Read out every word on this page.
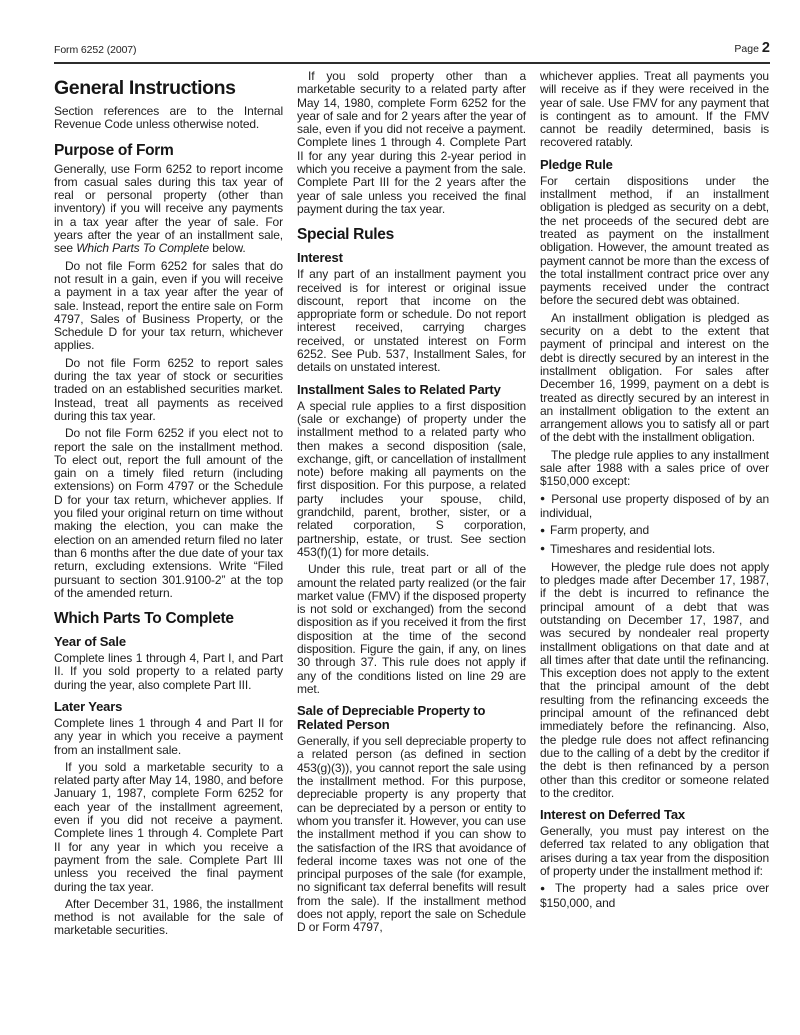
Form 6252 (2007)	Page 2
General Instructions

Section references are to the Internal Revenue Code unless otherwise noted.

Purpose of Form

Generally, use Form 6252 to report income from casual sales during this tax year of real or personal property (other than inventory) if you will receive any payments in a tax year after the year of sale. For years after the year of an installment sale, see Which Parts To Complete below.

Do not file Form 6252 for sales that do not result in a gain, even if you will receive a payment in a tax year after the year of sale. Instead, report the entire sale on Form 4797, Sales of Business Property, or the Schedule D for your tax return, whichever applies.

Do not file Form 6252 to report sales during the tax year of stock or securities traded on an established securities market. Instead, treat all payments as received during this tax year.

Do not file Form 6252 if you elect not to report the sale on the installment method. To elect out, report the full amount of the gain on a timely filed return (including extensions) on Form 4797 or the Schedule D for your tax return, whichever applies. If you filed your original return on time without making the election, you can make the election on an amended return filed no later than 6 months after the due date of your tax return, excluding extensions. Write “Filed pursuant to section 301.9100-2” at the top of the amended return.

Which Parts To Complete
Year of Sale

Complete lines 1 through 4, Part I, and Part II. If you sold property to a related party during the year, also complete Part III.

Later Years

Complete lines 1 through 4 and Part II for any year in which you receive a payment from an installment sale.

If you sold a marketable security to a related party after May 14, 1980, and before January 1, 1987, complete Form 6252 for each year of the installment agreement, even if you did not receive a payment. Complete lines 1 through 4. Complete Part II for any year in which you receive a payment from the sale. Complete Part III unless you received the final payment during the tax year.

After December 31, 1986, the installment method is not available for the sale of marketable securities.

If you sold property other than a marketable security to a related party after May 14, 1980, complete Form 6252 for the year of sale and for 2 years after the year of sale, even if you did not receive a payment. Complete lines 1 through 4. Complete Part II for any year during this 2-year period in which you receive a payment from the sale. Complete Part III for the 2 years after the year of sale unless you received the final payment during the tax year.

Special Rules
Interest

If any part of an installment payment you received is for interest or original issue discount, report that income on the appropriate form or schedule. Do not report interest received, carrying charges received, or unstated interest on Form 6252. See Pub. 537, Installment Sales, for details on unstated interest.

Installment Sales to Related Party

A special rule applies to a first disposition (sale or exchange) of property under the installment method to a related party who then makes a second disposition (sale, exchange, gift, or cancellation of installment note) before making all payments on the first disposition. For this purpose, a related party includes your spouse, child, grandchild, parent, brother, sister, or a related corporation, S corporation, partnership, estate, or trust. See section 453(f)(1) for more details.

Under this rule, treat part or all of the amount the related party realized (or the fair market value (FMV) if the disposed property is not sold or exchanged) from the second disposition as if you received it from the first disposition at the time of the second disposition. Figure the gain, if any, on lines 30 through 37. This rule does not apply if any of the conditions listed on line 29 are met.

Sale of Depreciable Property to Related Person

Generally, if you sell depreciable property to a related person (as defined in section 453(g)(3)), you cannot report the sale using the installment method. For this purpose, depreciable property is any property that can be depreciated by a person or entity to whom you transfer it. However, you can use the installment method if you can show to the satisfaction of the IRS that avoidance of federal income taxes was not one of the principal purposes of the sale (for example, no significant tax deferral benefits will result from the sale). If the installment method does not apply, report the sale on Schedule D or Form 4797,

whichever applies. Treat all payments you will receive as if they were received in the year of sale. Use FMV for any payment that is contingent as to amount. If the FMV cannot be readily determined, basis is recovered ratably.

Pledge Rule

For certain dispositions under the installment method, if an installment obligation is pledged as security on a debt, the net proceeds of the secured debt are treated as payment on the installment obligation. However, the amount treated as payment cannot be more than the excess of the total installment contract price over any payments received under the contract before the secured debt was obtained.

An installment obligation is pledged as security on a debt to the extent that payment of principal and interest on the debt is directly secured by an interest in the installment obligation. For sales after December 16, 1999, payment on a debt is treated as directly secured by an interest in an installment obligation to the extent an arrangement allows you to satisfy all or part of the debt with the installment obligation.

The pledge rule applies to any installment sale after 1988 with a sales price of over $150,000 except:

● Personal use property disposed of by an individual,

● Farm property, and

● Timeshares and residential lots.

However, the pledge rule does not apply to pledges made after December 17, 1987, if the debt is incurred to refinance the principal amount of a debt that was outstanding on December 17, 1987, and was secured by nondealer real property installment obligations on that date and at all times after that date until the refinancing. This exception does not apply to the extent that the principal amount of the debt resulting from the refinancing exceeds the principal amount of the refinanced debt immediately before the refinancing. Also, the pledge rule does not affect refinancing due to the calling of a debt by the creditor if the debt is then refinanced by a person other than this creditor or someone related to the creditor.

Interest on Deferred Tax

Generally, you must pay interest on the deferred tax related to any obligation that arises during a tax year from the disposition of property under the installment method if:

● The property had a sales price over $150,000, and
